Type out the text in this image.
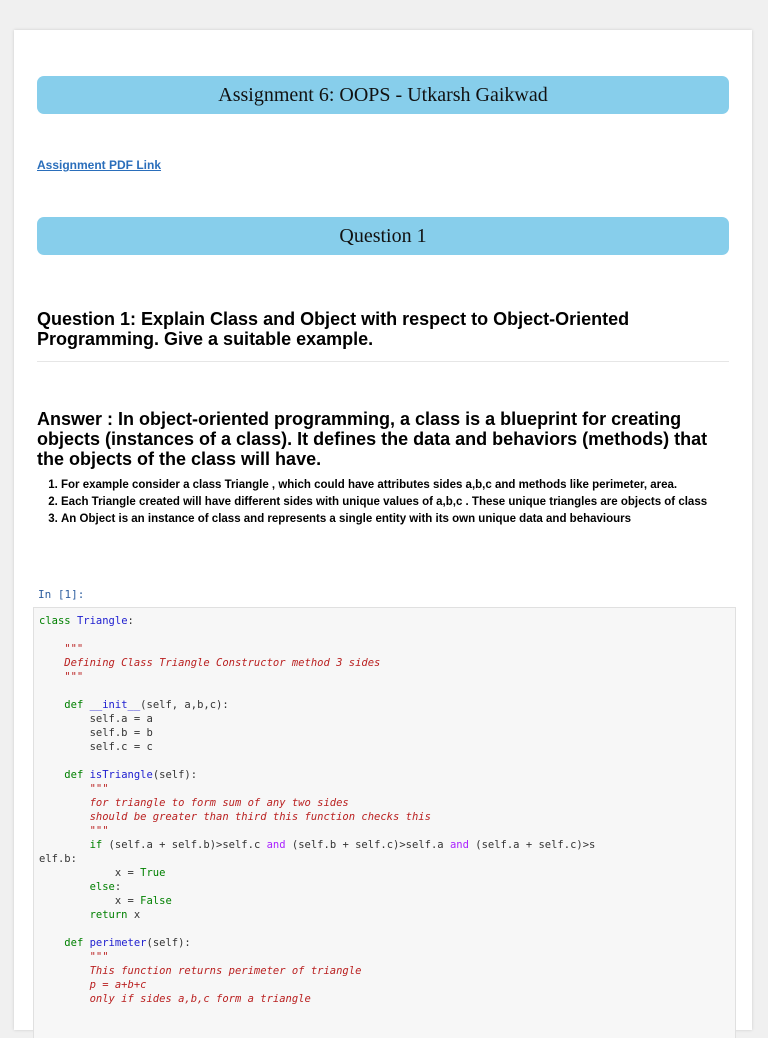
Assignment 6: OOPS - Utkarsh Gaikwad
Assignment PDF Link
Question 1
Question 1: Explain Class and Object with respect to Object-Oriented Programming. Give a suitable example.
Answer : In object-oriented programming, a class is a blueprint for creating objects (instances of a class). It defines the data and behaviors (methods) that the objects of the class will have.
1. For example consider a class Triangle , which could have attributes sides a,b,c and methods like perimeter, area.
2. Each Triangle created will have different sides with unique values of a,b,c . These unique triangles are objects of class
3. An Object is an instance of class and represents a single entity with its own unique data and behaviours
In [1]:
class Triangle:
"""
Defining Class Triangle Constructor method 3 sides
"""
def __init__(self, a,b,c):
self.a = a
self.b = b
self.c = c
def isTriangle(self):
"""
for triangle to form sum of any two sides
should be greater than third this function checks this
"""
if (self.a + self.b)>self.c and (self.b + self.c)>self.a and (self.a + self.c)>s
elf.b:
x = True
else:
x = False
return x
def perimeter(self):
"""
This function returns perimeter of triangle
p = a+b+c
only if sides a,b,c form a triangle
